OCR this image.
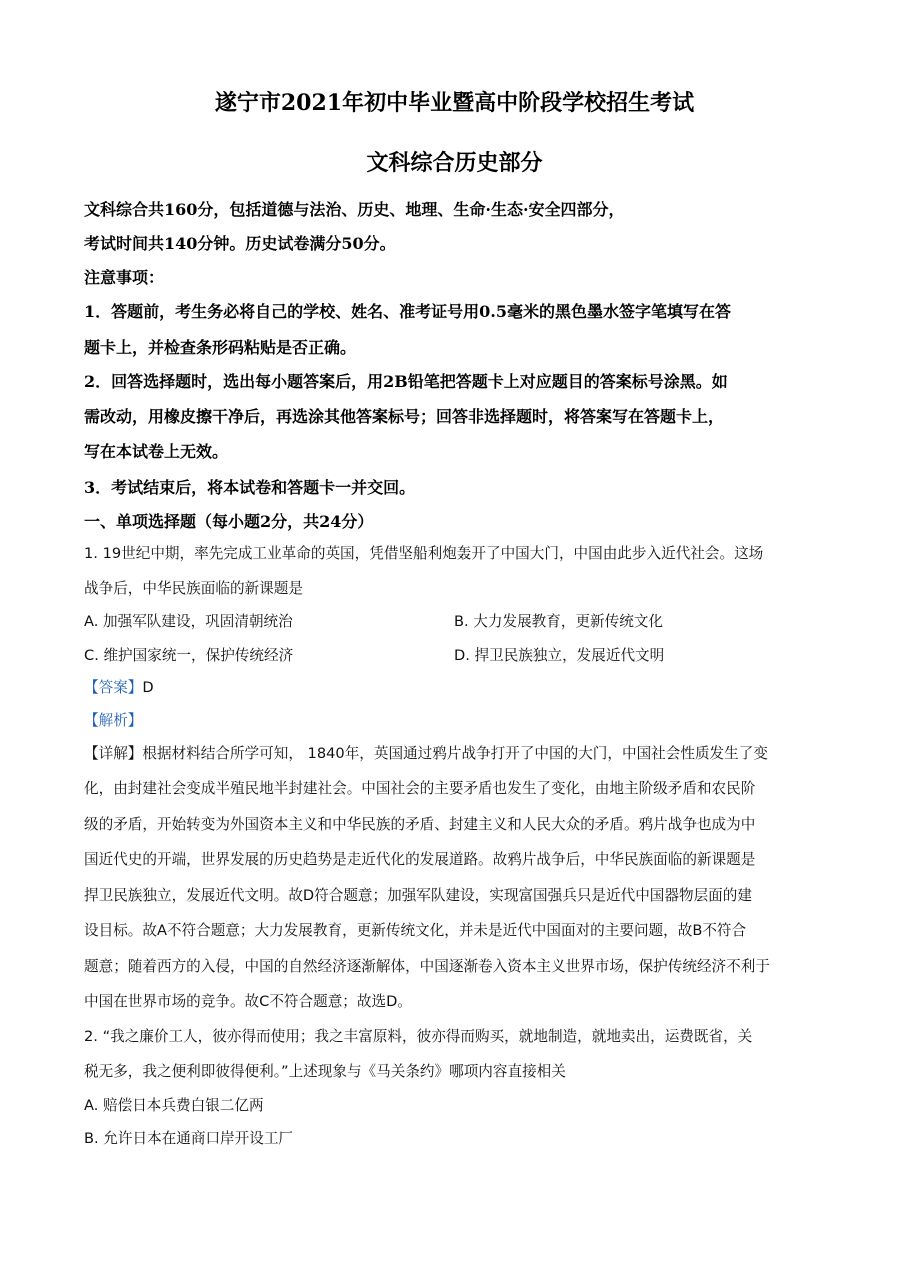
遂宁市2021年初中毕业暨高中阶段学校招生考试
文科综合历史部分
文科综合共160分，包括道德与法治、历史、地理、生命·生态·安全四部分，
考试时间共140分钟。历史试卷满分50分。
注意事项：
1．答题前，考生务必将自己的学校、姓名、准考证号用0.5毫米的黑色墨水签字笔填写在答
题卡上，并检查条形码粘贴是否正确。
2．回答选择题时，选出每小题答案后，用2B铅笔把答题卡上对应题目的答案标号涂黑。如
需改动，用橡皮擦干净后，再选涂其他答案标号；回答非选择题时，将答案写在答题卡上，
写在本试卷上无效。
3．考试结束后，将本试卷和答题卡一并交回。
一、单项选择题（每小题2分，共24分）
1. 19世纪中期，率先完成工业革命的英国，凭借坚船利炮轰开了中国大门，中国由此步入近代社会。这场
战争后，中华民族面临的新课题是
A. 加强军队建设，巩固清朝统治	B. 大力发展教育，更新传统文化
C. 维护国家统一，保护传统经济	D. 捍卫民族独立，发展近代文明
【答案】D
【解析】
【详解】根据材料结合所学可知， 1840年，英国通过鸦片战争打开了中国的大门，中国社会性质发生了变
化，由封建社会变成半殖民地半封建社会。中国社会的主要矛盾也发生了变化，由地主阶级矛盾和农民阶
级的矛盾，开始转变为外国资本主义和中华民族的矛盾、封建主义和人民大众的矛盾。鸦片战争也成为中
国近代史的开端，世界发展的历史趋势是走近代化的发展道路。故鸦片战争后，中华民族面临的新课题是
捍卫民族独立，发展近代文明。故D符合题意；加强军队建设，实现富国强兵只是近代中国器物层面的建
设目标。故A不符合题意；大力发展教育，更新传统文化，并未是近代中国面对的主要问题，故B不符合
题意；随着西方的入侵，中国的自然经济逐渐解体，中国逐渐卷入资本主义世界市场，保护传统经济不利于
中国在世界市场的竞争。故C不符合题意；故选D。
2. “我之廉价工人，彼亦得而使用；我之丰富原料，彼亦得而购买，就地制造，就地卖出，运费既省，关
税无多，我之便利即彼得便利。”上述现象与《马关条约》哪项内容直接相关
A. 赔偿日本兵费白银二亿两
B. 允许日本在通商口岸开设工厂
